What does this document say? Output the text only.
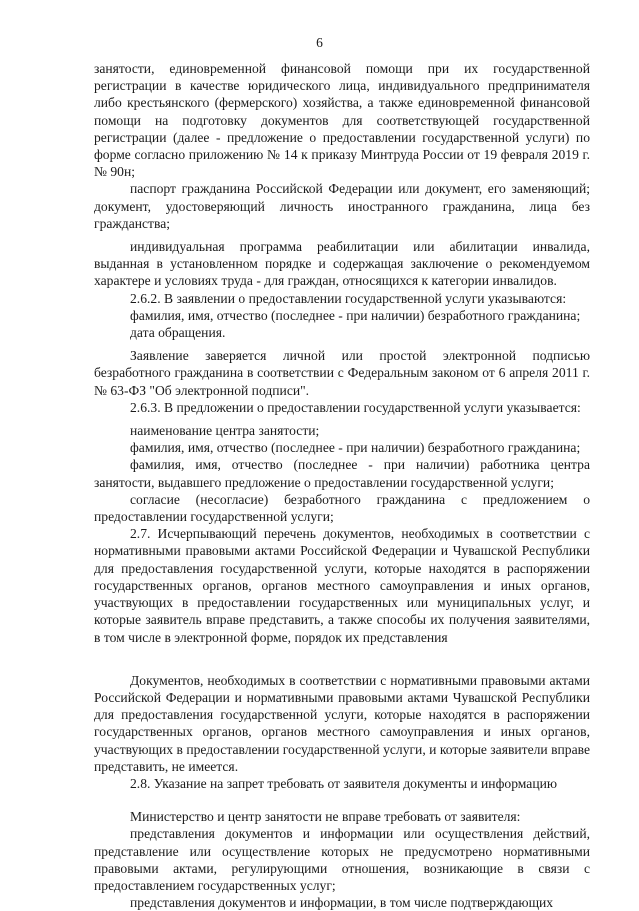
6

занятости, единовременной финансовой помощи при их государственной регистрации в качестве юридического лица, индивидуального предпринимателя либо крестьянского (фермерского) хозяйства, а также единовременной финансовой помощи на подготовку документов для соответствующей государственной регистрации (далее - предложение о предоставлении государственной услуги) по форме согласно приложению № 14 к приказу Минтруда России от 19 февраля 2019 г. № 90н;

паспорт гражданина Российской Федерации или документ, его заменяющий; документ, удостоверяющий личность иностранного гражданина, лица без гражданства;

индивидуальная программа реабилитации или абилитации инвалида, выданная в установленном порядке и содержащая заключение о рекомендуемом характере и условиях труда - для граждан, относящихся к категории инвалидов.

2.6.2. В заявлении о предоставлении государственной услуги указываются:

фамилия, имя, отчество (последнее - при наличии) безработного гражданина;

дата обращения.

Заявление заверяется личной или простой электронной подписью безработного гражданина в соответствии с Федеральным законом от 6 апреля 2011 г. № 63-ФЗ "Об электронной подписи".

2.6.3. В предложении о предоставлении государственной услуги указывается:

наименование центра занятости;

фамилия, имя, отчество (последнее - при наличии) безработного гражданина;

фамилия, имя, отчество (последнее - при наличии) работника центра занятости, выдавшего предложение о предоставлении государственной услуги;

согласие (несогласие) безработного гражданина с предложением о предоставлении государственной услуги;

2.7. Исчерпывающий перечень документов, необходимых в соответствии с нормативными правовыми актами Российской Федерации и Чувашской Республики для предоставления государственной услуги, которые находятся в распоряжении государственных органов, органов местного самоуправления и иных органов, участвующих в предоставлении государственных или муниципальных услуг, и которые заявитель вправе представить, а также способы их получения заявителями, в том числе в электронной форме, порядок их представления

Документов, необходимых в соответствии с нормативными правовыми актами Российской Федерации и нормативными правовыми актами Чувашской Республики для предоставления государственной услуги, которые находятся в распоряжении государственных органов, органов местного самоуправления и иных органов, участвующих в предоставлении государственной услуги, и которые заявители вправе представить, не имеется.

2.8. Указание на запрет требовать от заявителя документы и информацию

Министерство и центр занятости не вправе требовать от заявителя:

представления документов и информации или осуществления действий, представление или осуществление которых не предусмотрено нормативными правовыми актами, регулирующими отношения, возникающие в связи с предоставлением государственных услуг;

представления документов и информации, в том числе подтверждающих
